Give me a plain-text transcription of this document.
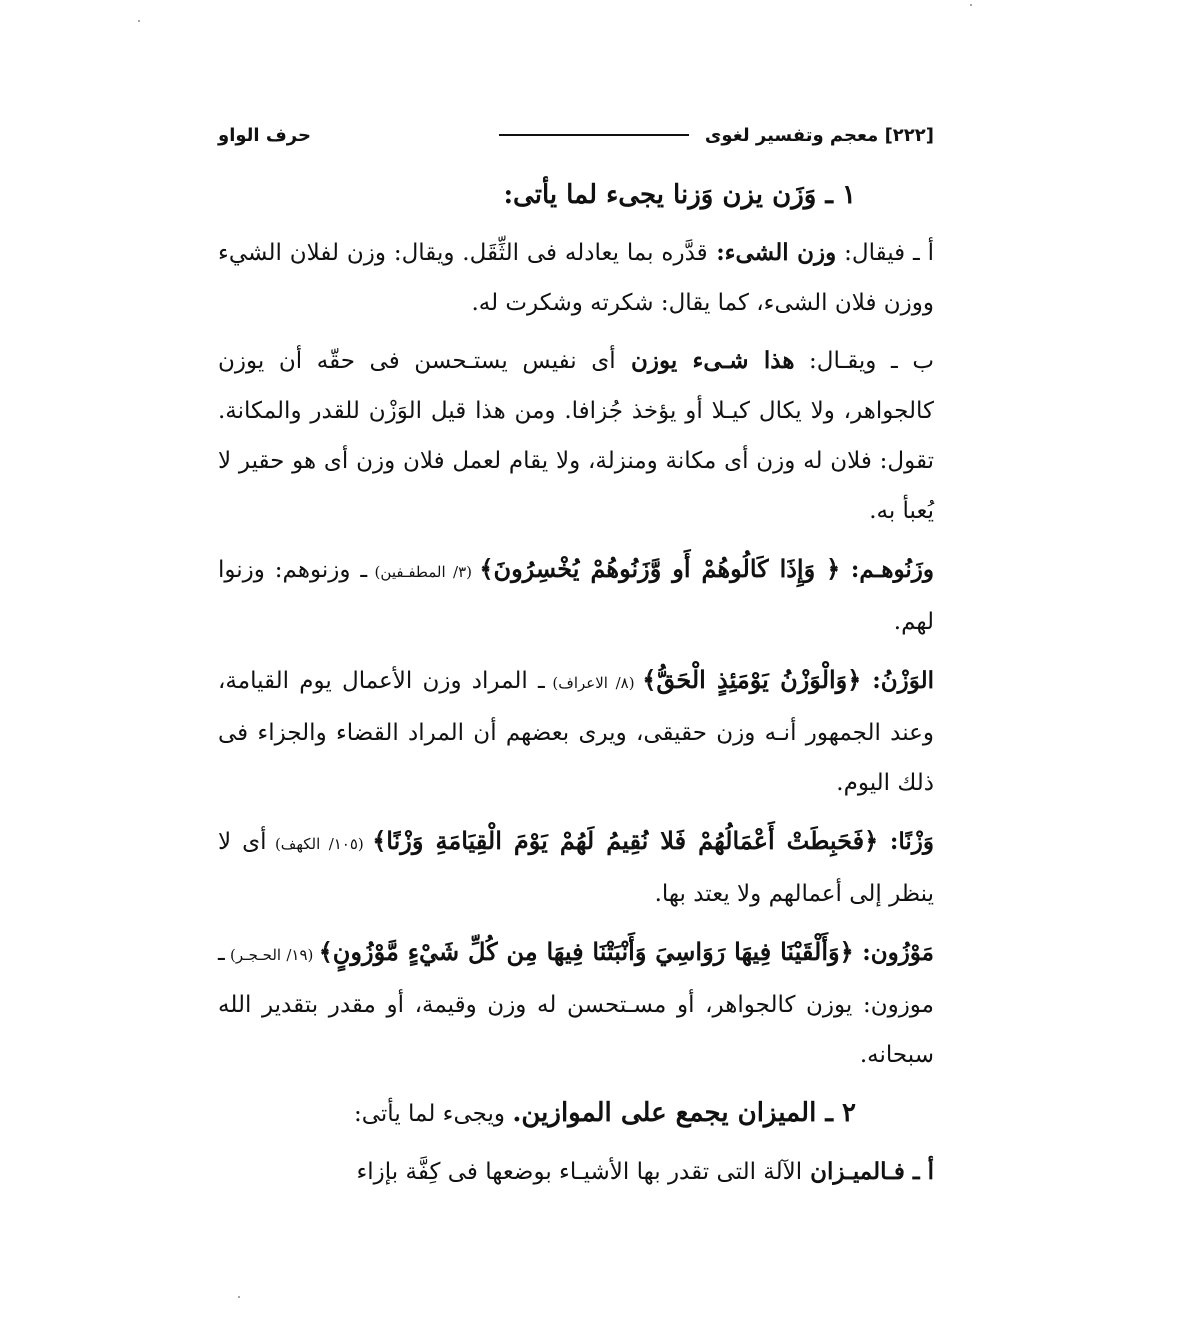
[٢٢٢] معجم وتفسير لغوى
حرف الواو

١ ـ وَزَن يزن وَزنا يجىء لما يأتى:

أ ـ فيقال: وزن الشىء: قدَّره بما يعادله فى الثِّقَل. ويقال: وزن لفلان الشيء ووزن فلان الشىء، كما يقال: شكرته وشكرت له.

ب ـ ويقـال: هذا شـىء يوزن أى نفيس يستـحسن فى حقّه أن يوزن كالجواهر، ولا يكال كيـلا أو يؤخذ جُزافا. ومن هذا قيل الوَزْن للقدر والمكانة. تقول: فلان له وزن أى مكانة ومنزلة، ولا يقام لعمل فلان وزن أى هو حقير لا يُعبأ به.

وزَنُوهـم: ﴿ وَإِذَا كَالُوهُمْ أَو وَّزَنُوهُمْ يُخْسِرُونَ﴾ (٣/ المطفـفين) ـ وزنوهم: وزنوا لهم.

الوَزْنُ: ﴿وَالْوَزْنُ يَوْمَئِذٍ الْحَقُّ﴾ (٨/ الاعراف) ـ المراد وزن الأعمال يوم القيامة، وعند الجمهور أنـه وزن حقيقى، ويرى بعضهم أن المراد القضاء والجزاء فى ذلك اليوم.

وَزْنًا: ﴿فَحَبِطَتْ أَعْمَالُهُمْ فَلا نُقِيمُ لَهُمْ يَوْمَ الْقِيَامَةِ وَزْنًا﴾ (١٠٥/ الكهف) أى لا ينظر إلى أعمالهم ولا يعتد بها.

مَوْزُون: ﴿وَأَلْقَيْنَا فِيهَا رَوَاسِيَ وَأَنْبَتْنَا فِيهَا مِن كُلِّ شَيْءٍ مَّوْزُونٍ﴾ (١٩/ الحـجـر) ـ موزون: يوزن كالجواهر، أو مسـتحسن له وزن وقيمة، أو مقدر بتقدير الله سبحانه.

٢ ـ الميزان يجمع على الموازين. ويجىء لما يأتى:

أ ـ فـالميـزان الآلة التى تقدر بها الأشيـاء بوضعها فى كِفَّة بإزاء
